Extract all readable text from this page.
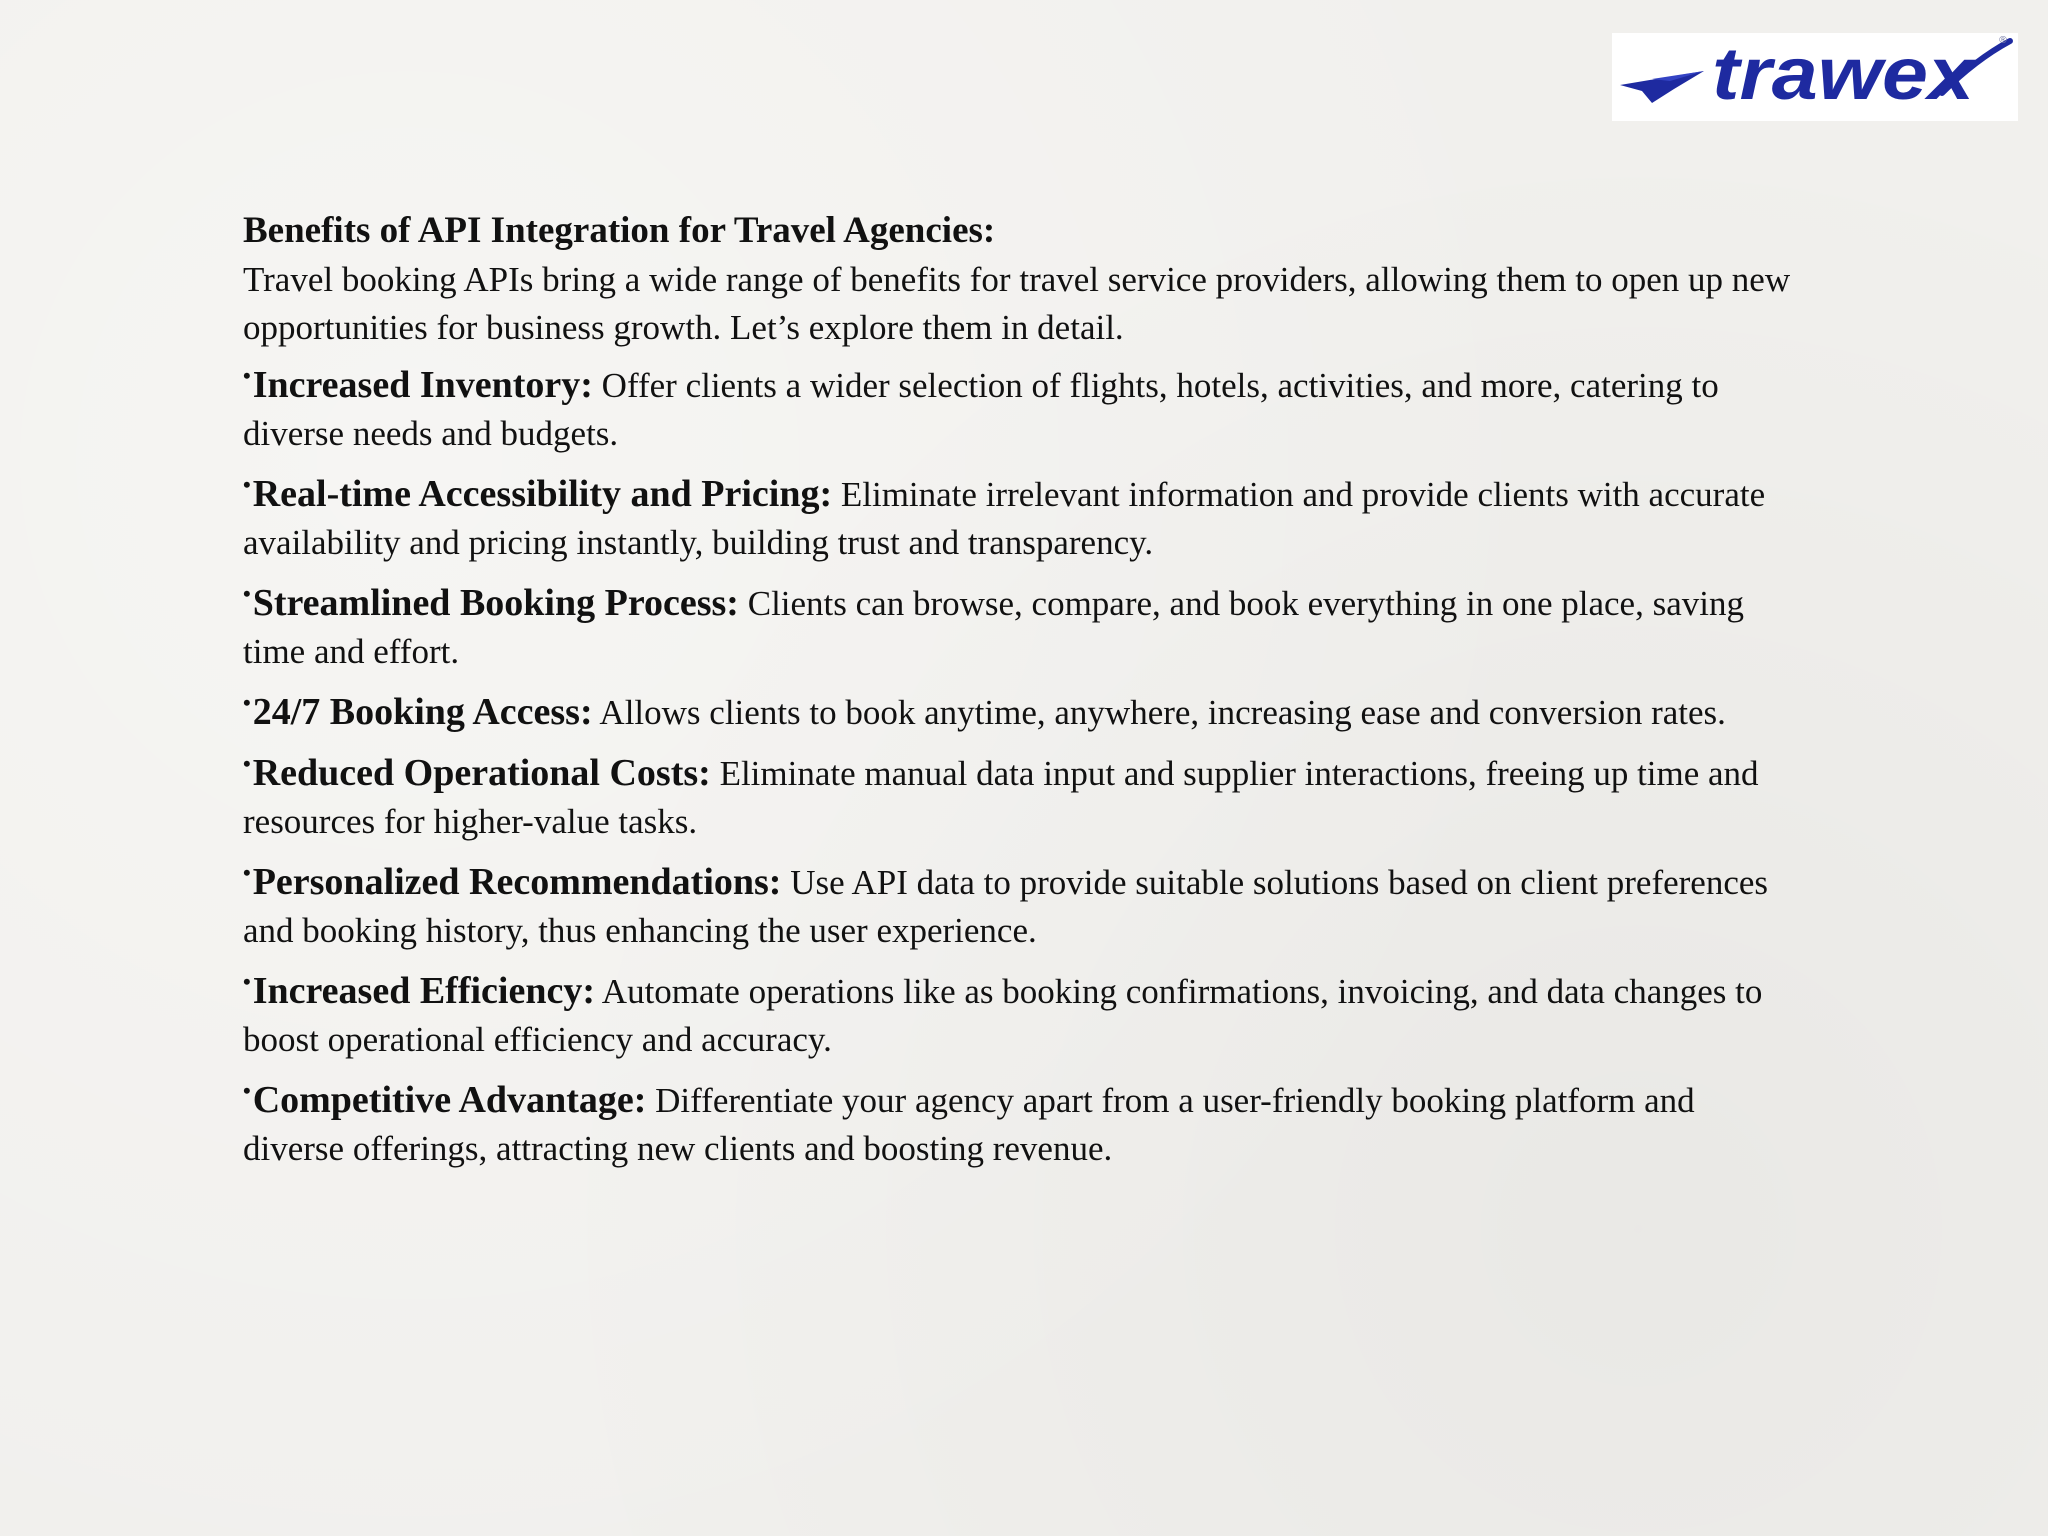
trawex ®

Benefits of API Integration for Travel Agencies:

Travel booking APIs bring a wide range of benefits for travel service providers, allowing them to open up new opportunities for business growth. Let’s explore them in detail.

•Increased Inventory: Offer clients a wider selection of flights, hotels, activities, and more, catering to diverse needs and budgets.
•Real-time Accessibility and Pricing: Eliminate irrelevant information and provide clients with accurate availability and pricing instantly, building trust and transparency.
•Streamlined Booking Process: Clients can browse, compare, and book everything in one place, saving time and effort.
•24/7 Booking Access: Allows clients to book anytime, anywhere, increasing ease and conversion rates.
•Reduced Operational Costs: Eliminate manual data input and supplier interactions, freeing up time and resources for higher-value tasks.
•Personalized Recommendations: Use API data to provide suitable solutions based on client preferences and booking history, thus enhancing the user experience.
•Increased Efficiency: Automate operations like as booking confirmations, invoicing, and data changes to boost operational efficiency and accuracy.
•Competitive Advantage: Differentiate your agency apart from a user-friendly booking platform and diverse offerings, attracting new clients and boosting revenue.
